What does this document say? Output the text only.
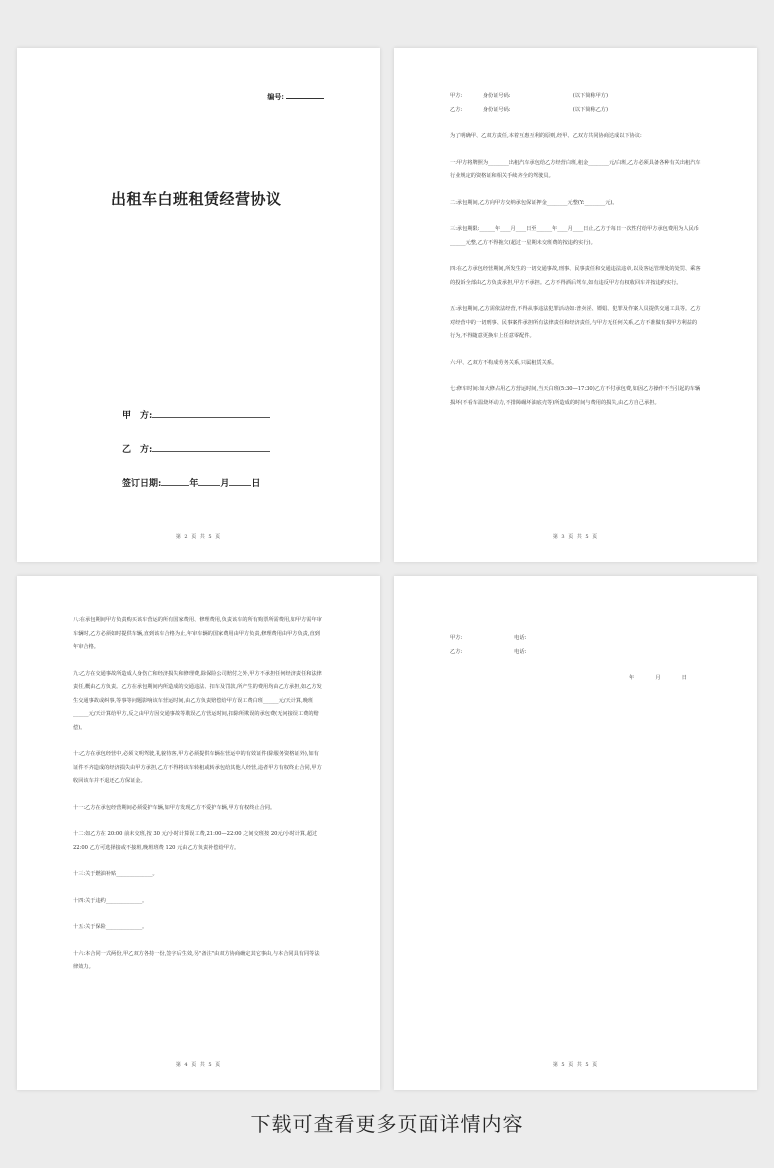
编号:
出租车白班租赁经营协议
甲　方:
乙　方:
签订日期:	年 月 日
第 2 页 共 5 页

甲方:　　　　身份证号码:　　　　　　　　　　　　(以下简称甲方)

乙方:　　　　身份证号码:　　　　　　　　　　　　(以下简称乙方)

为了明确甲、乙双方责任,本着互惠互利的原则,经甲、乙双方共同协商达成以下协议:

一:甲方将牌照为________出租汽车承包给乙方经营白班,租金________元/白班,乙方必须具备各种有关出租汽车行业规定的资格证和相关手续齐全的驾驶员。

二:承包期间,乙方向甲方交纳承包保证押金________元整(Y:________元)。

三:承包期限:______年____月____日至______年____月____日止,乙方于每日一次性付给甲方承包费用为人民币______元整,乙方不得拖欠(超过一星期未交班费的按违约实行)。

四:在乙方承包经营期间,所发生的一切交通事故,刑事、民事责任和交通违法违章,以及客运管理处的处罚、乘客的投诉全部由乙方负责承担,甲方不承担。乙方不得酒后驾车,如有违反甲方有权收回车并按违约实行。

五:承包期间,乙方需依法经营,不得从事违法犯罪活动如:普卖淫、嫖娼、犯罪及作案人员提供交通工具等。乙方对经营中的一切刑事、民事案件承担所有法律责任和经济责任,与甲方无任何关系,乙方不准做有损甲方利益的行为,不得随意更换车上任意零配件。

六:甲、乙双方不构成劳务关系,只属租赁关系。

七:修车时间:如大修占用乙方营运时间,当天白班(5:30—17:30)乙方不付承包费,如因乙方操作不当引起的车辆损坏(不看车温烧坏动力,不排障碾坏油底壳等)所造成的时间与费用的损失,由乙方自己承担。

第 3 页 共 5 页

八:在承包期间甲方负责购买该车营运的所有国家费用、修理费用,负责该车的所有购票所需费用,如甲方需年审车辆时,乙方必须如时提供车辆,直到该车合格为止,年审车辆的国家费用由甲方负责,修理费用由甲方负责,直到年审合格。

九:乙方在交通事故所造成人身伤亡和经济损失和修理费,除保险公司赔付之外,甲方不承担任何经济责任和法律责任,概由乙方负责。乙方在承包期间内所造成的交通违法、扣车及罚款,所产生的费用均由乙方承担,如乙方发生交通事故或纠事,等事等问题影响该车营运时间,由乙方负责赔偿给甲方误工费白班______元/天计算,晚班______元/天计算给甲方,反之由甲方因交通事故等耽误乙方营运时间,扣除所欺误的承包费(无问接误工费的赔偿)。

十:乙方在承包经营中,必须文明驾驶,礼貌待客,甲方必须提供车辆在营运中的有效证件(除服务资格证外),如有证件不齐造成的经济损失由甲方承担,乙方不得将该车转租或转承包给其他人经营,违者甲方有权终止合同,甲方收回该车并不退还乙方保证金。

十一:乙方在承包经营期间必须爱护车辆,如甲方发现乙方不爱护车辆,甲方有权终止合同。

十二:如乙方在 20:00 前未交班,按 30 元/小时计算误工费,21:00—22:00 之间交班按 20元/小时计算,超过 22:00 乙方可选择接或不接班,晚班班费 120 元由乙方负责补偿给甲方。

十三:关于燃油补贴______________。

十四:关于违约______________。

十五:关于保险______________。

十六:本合同一式两份,甲乙双方各持一份,签字后生效,另"备注"由双方协商确定其它事由,与本合同具有同等法律效力。

第 4 页 共 5 页

甲方:	电话:

乙方:	电话:

年　月　日

第 5 页 共 5 页
下载可查看更多页面详情内容
